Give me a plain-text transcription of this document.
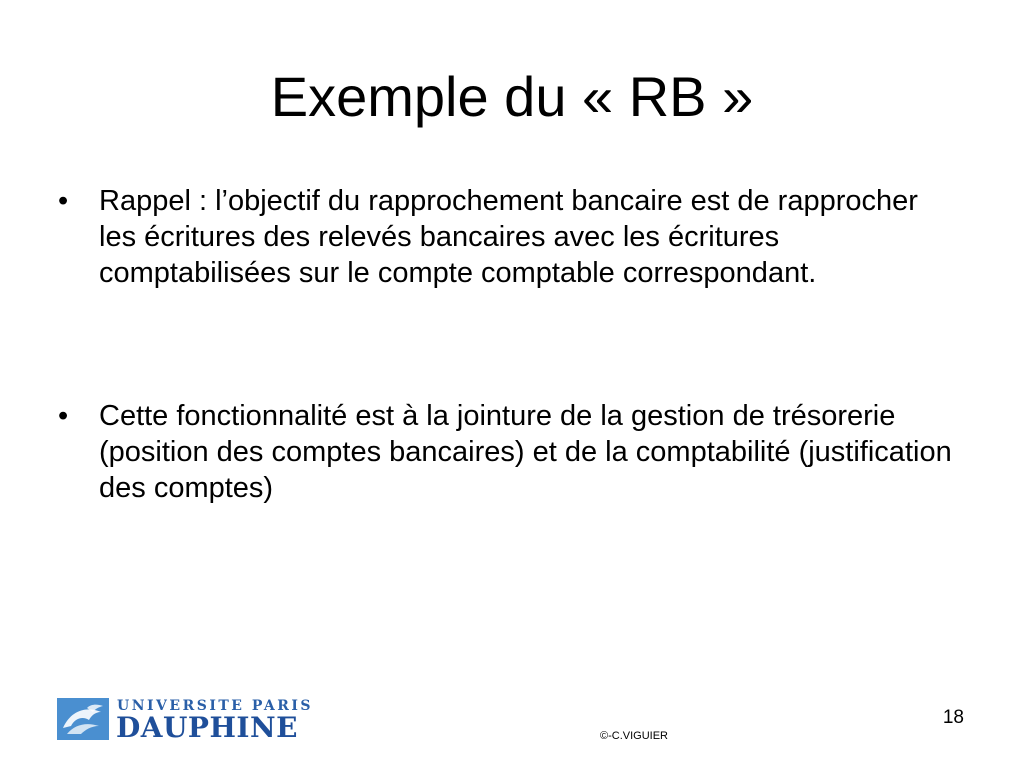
Exemple du « RB »
•	Rappel : l’objectif du rapprochement bancaire est de rapprocher les écritures des relevés bancaires avec les écritures comptabilisées sur le compte comptable correspondant.
•	Cette fonctionnalité est à la jointure de la gestion de trésorerie (position des comptes bancaires) et de la comptabilité (justification des comptes)
UNIVERSITE PARIS
DAUPHINE	18
©-C.VIGUIER
